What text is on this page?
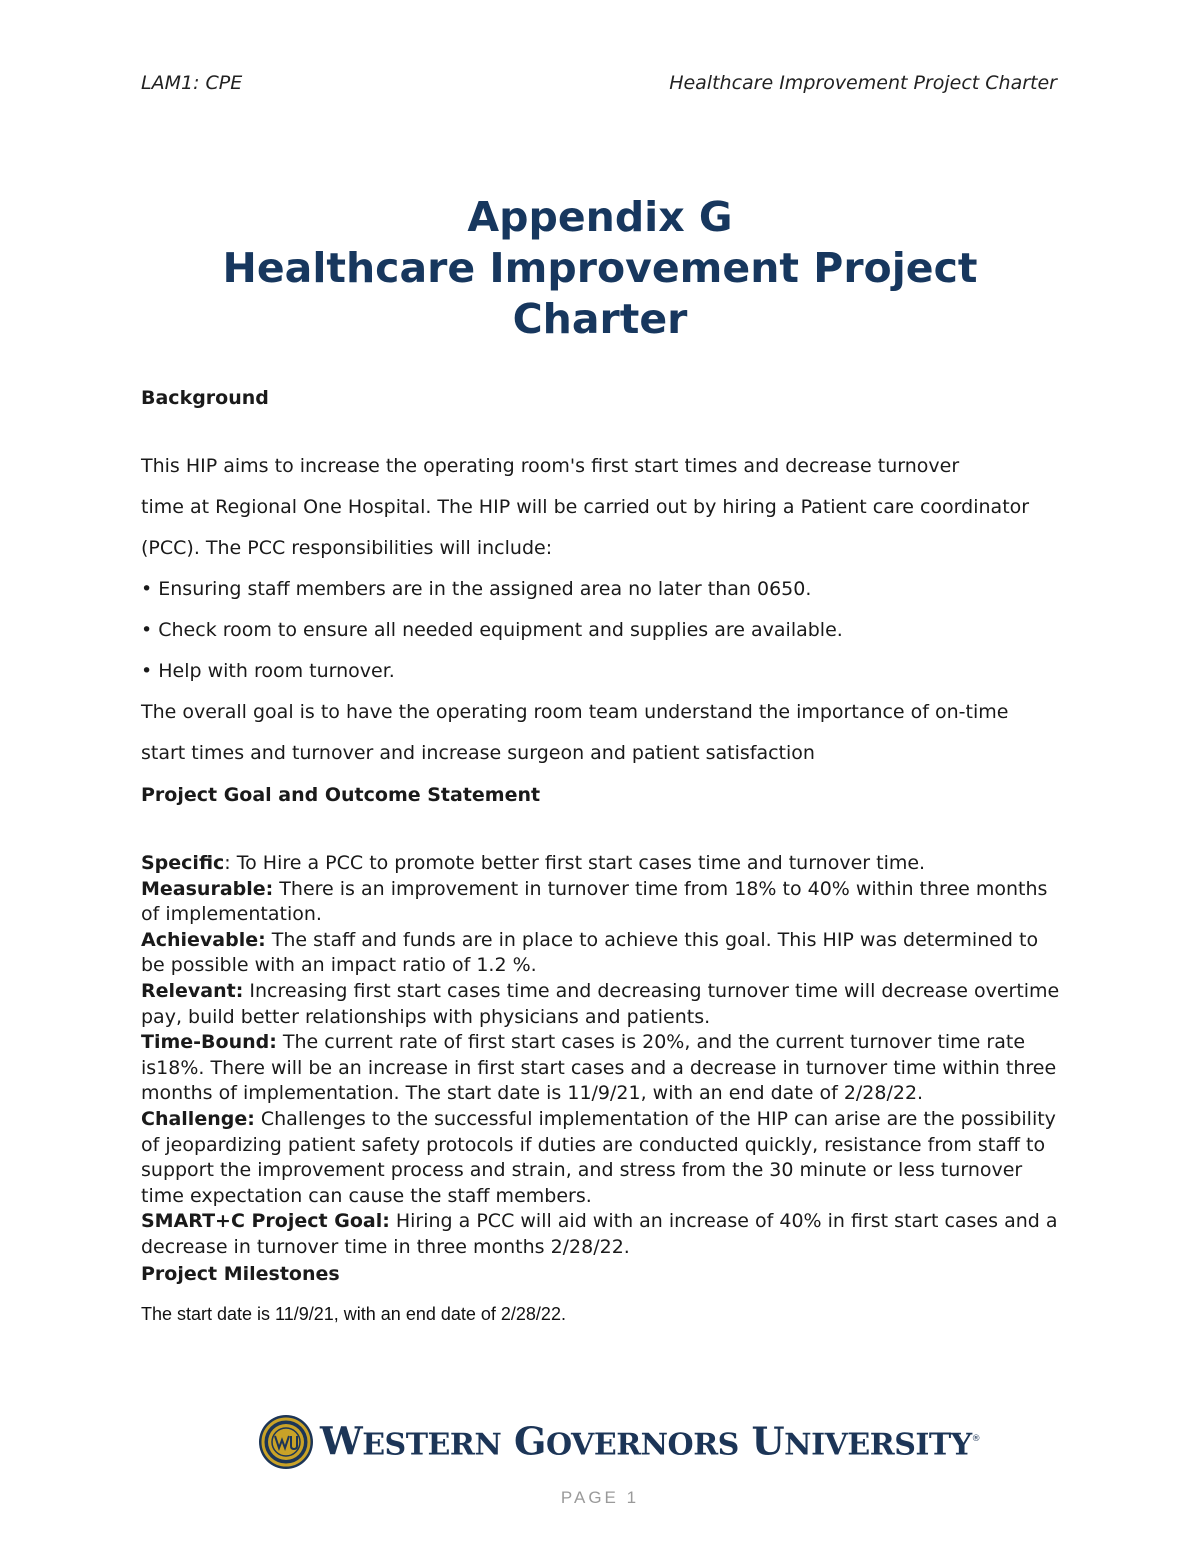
LAM1: CPE	Healthcare Improvement Project Charter
Appendix G
Healthcare Improvement Project
Charter
Background
This HIP aims to increase the operating room's first start times and decrease turnover
time at Regional One Hospital. The HIP will be carried out by hiring a Patient care coordinator
(PCC). The PCC responsibilities will include:
• Ensuring staff members are in the assigned area no later than 0650.
• Check room to ensure all needed equipment and supplies are available.
• Help with room turnover.
The overall goal is to have the operating room team understand the importance of on-time
start times and turnover and increase surgeon and patient satisfaction
Project Goal and Outcome Statement
Specific: To Hire a PCC to promote better first start cases time and turnover time.
Measurable: There is an improvement in turnover time from 18% to 40% within three months of implementation.
Achievable: The staff and funds are in place to achieve this goal. This HIP was determined to be possible with an impact ratio of 1.2 %.
Relevant: Increasing first start cases time and decreasing turnover time will decrease overtime pay, build better relationships with physicians and patients.
Time-Bound: The current rate of first start cases is 20%, and the current turnover time rate is18%. There will be an increase in first start cases and a decrease in turnover time within three months of implementation. The start date is 11/9/21, with an end date of 2/28/22.
Challenge: Challenges to the successful implementation of the HIP can arise are the possibility of jeopardizing patient safety protocols if duties are conducted quickly, resistance from staff to support the improvement process and strain, and stress from the 30 minute or less turnover time expectation can cause the staff members.
SMART+C Project Goal: Hiring a PCC will aid with an increase of 40% in first start cases and a decrease in turnover time in three months 2/28/22.
Project Milestones
The start date is 11/9/21, with an end date of 2/28/22.
WESTERN GOVERNORS UNIVERSITY®
PAGE 1
